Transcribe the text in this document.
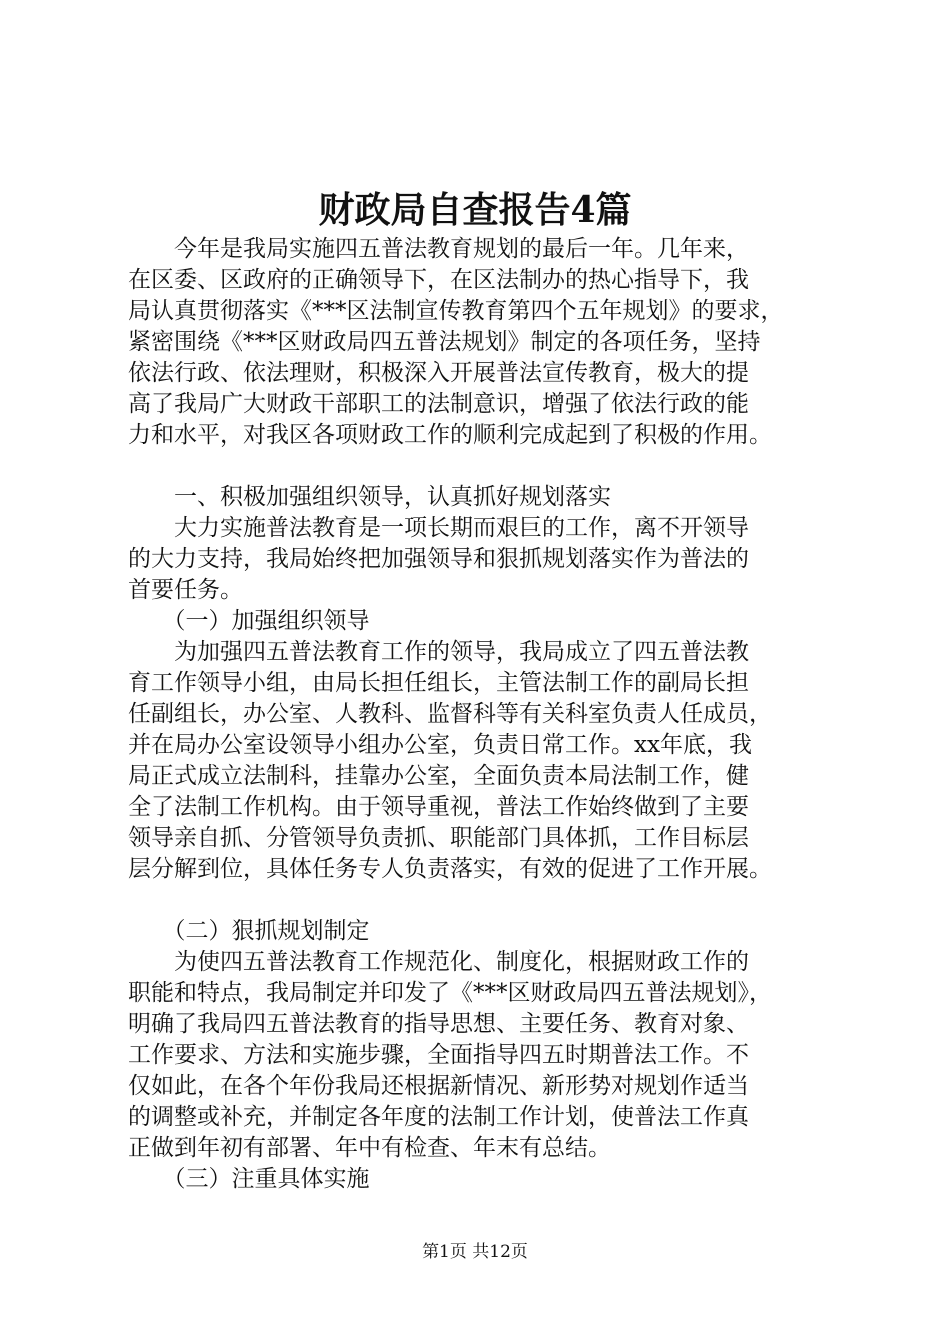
财政局自查报告4篇
　　今年是我局实施四五普法教育规划的最后一年。几年来，
在区委、区政府的正确领导下，在区法制办的热心指导下，我
局认真贯彻落实《***区法制宣传教育第四个五年规划》的要求，
紧密围绕《***区财政局四五普法规划》制定的各项任务，坚持
依法行政、依法理财，积极深入开展普法宣传教育，极大的提
高了我局广大财政干部职工的法制意识，增强了依法行政的能
力和水平，对我区各项财政工作的顺利完成起到了积极的作用。
　　一、积极加强组织领导，认真抓好规划落实
　　大力实施普法教育是一项长期而艰巨的工作，离不开领导
的大力支持，我局始终把加强领导和狠抓规划落实作为普法的
首要任务。
　　（一）加强组织领导
　　为加强四五普法教育工作的领导，我局成立了四五普法教
育工作领导小组，由局长担任组长，主管法制工作的副局长担
任副组长，办公室、人教科、监督科等有关科室负责人任成员，
并在局办公室设领导小组办公室，负责日常工作。xx年底，我
局正式成立法制科，挂靠办公室，全面负责本局法制工作，健
全了法制工作机构。由于领导重视，普法工作始终做到了主要
领导亲自抓、分管领导负责抓、职能部门具体抓，工作目标层
层分解到位，具体任务专人负责落实，有效的促进了工作开展。
　　（二）狠抓规划制定
　　为使四五普法教育工作规范化、制度化，根据财政工作的
职能和特点，我局制定并印发了《***区财政局四五普法规划》，
明确了我局四五普法教育的指导思想、主要任务、教育对象、
工作要求、方法和实施步骤，全面指导四五时期普法工作。不
仅如此，在各个年份我局还根据新情况、新形势对规划作适当
的调整或补充，并制定各年度的法制工作计划，使普法工作真
正做到年初有部署、年中有检查、年末有总结。
　　（三）注重具体实施
第1页 共12页
